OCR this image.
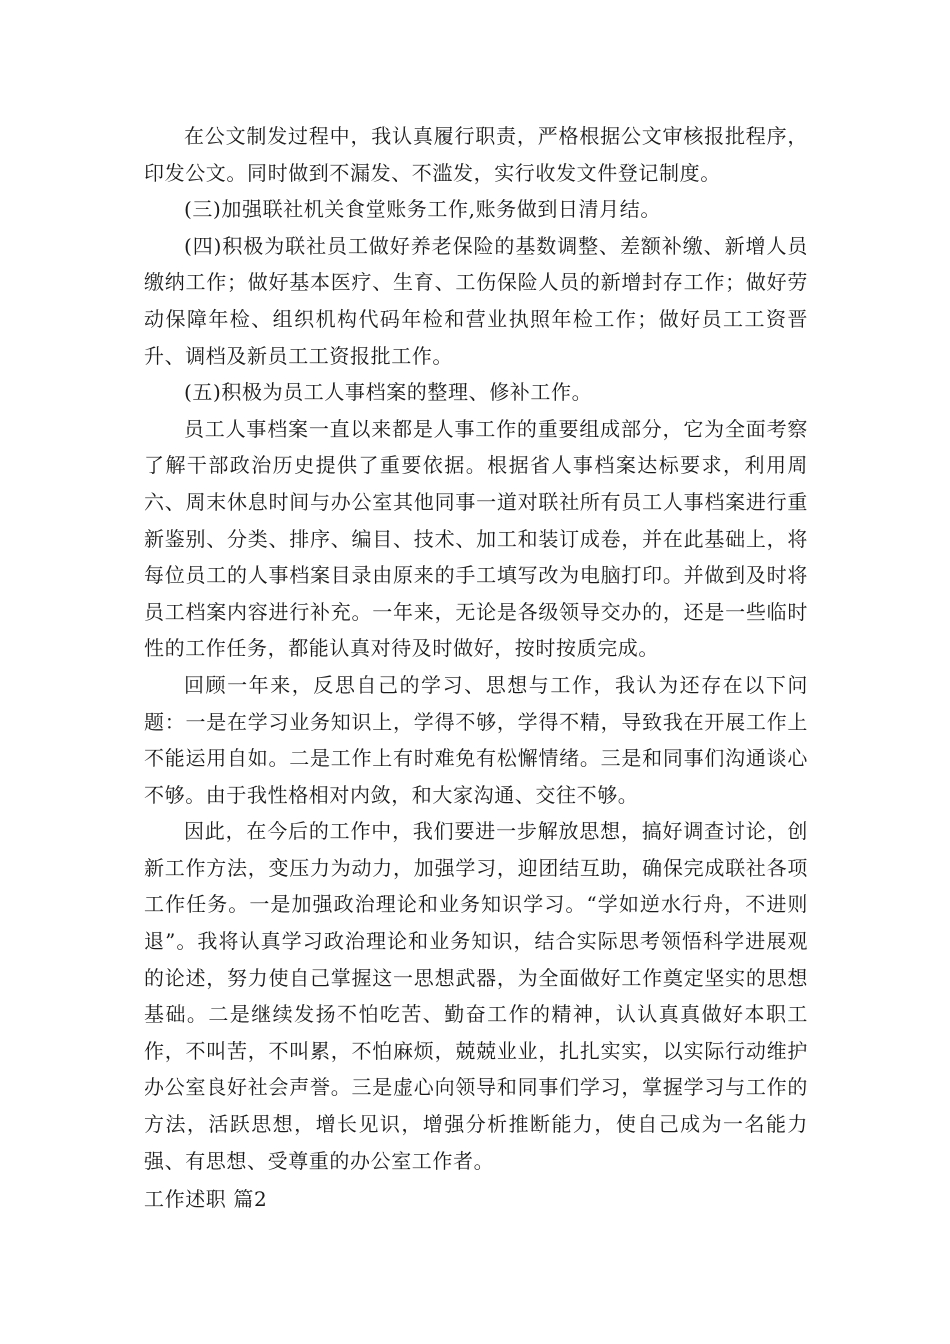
在公文制发过程中，我认真履行职责，严格根据公文审核报批程序，印发公文。同时做到不漏发、不滥发，实行收发文件登记制度。

(三)加强联社机关食堂账务工作,账务做到日清月结。

(四)积极为联社员工做好养老保险的基数调整、差额补缴、新增人员缴纳工作；做好基本医疗、生育、工伤保险人员的新增封存工作；做好劳动保障年检、组织机构代码年检和营业执照年检工作；做好员工工资晋升、调档及新员工工资报批工作。

(五)积极为员工人事档案的整理、修补工作。

员工人事档案一直以来都是人事工作的重要组成部分，它为全面考察了解干部政治历史提供了重要依据。根据省人事档案达标要求，利用周六、周末休息时间与办公室其他同事一道对联社所有员工人事档案进行重新鉴别、分类、排序、编目、技术、加工和装订成卷，并在此基础上，将每位员工的人事档案目录由原来的手工填写改为电脑打印。并做到及时将员工档案内容进行补充。一年来，无论是各级领导交办的，还是一些临时性的工作任务，都能认真对待及时做好，按时按质完成。

回顾一年来，反思自己的学习、思想与工作，我认为还存在以下问题：一是在学习业务知识上，学得不够，学得不精，导致我在开展工作上不能运用自如。二是工作上有时难免有松懈情绪。三是和同事们沟通谈心不够。由于我性格相对内敛，和大家沟通、交往不够。

因此，在今后的工作中，我们要进一步解放思想，搞好调查讨论，创新工作方法，变压力为动力，加强学习，迎团结互助，确保完成联社各项工作任务。一是加强政治理论和业务知识学习。“学如逆水行舟，不进则退”。我将认真学习政治理论和业务知识，结合实际思考领悟科学进展观的论述，努力使自己掌握这一思想武器，为全面做好工作奠定坚实的思想基础。二是继续发扬不怕吃苦、勤奋工作的精神，认认真真做好本职工作，不叫苦，不叫累，不怕麻烦，兢兢业业，扎扎实实，以实际行动维护办公室良好社会声誉。三是虚心向领导和同事们学习，掌握学习与工作的方法，活跃思想，增长见识，增强分析推断能力，使自己成为一名能力强、有思想、受尊重的办公室工作者。

工作述职 篇2
